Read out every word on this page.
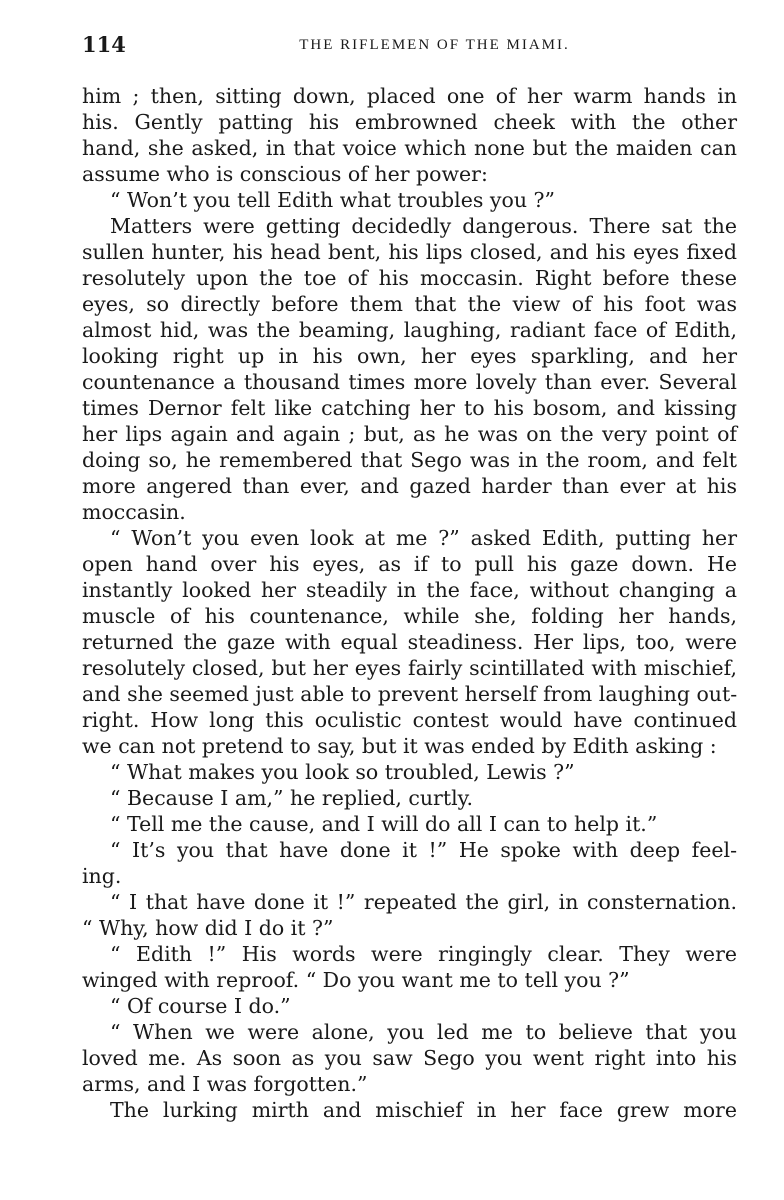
114	THE RIFLEMEN OF THE MIAMI.
him ; then, sitting down, placed one of her warm hands in
his. Gently patting his embrowned cheek with the other
hand, she asked, in that voice which none but the maiden can
assume who is conscious of her power:
“ Won’t you tell Edith what troubles you ?”
Matters were getting decidedly dangerous. There sat the
sullen hunter, his head bent, his lips closed, and his eyes fixed
resolutely upon the toe of his moccasin. Right before these
eyes, so directly before them that the view of his foot was
almost hid, was the beaming, laughing, radiant face of Edith,
looking right up in his own, her eyes sparkling, and her
countenance a thousand times more lovely than ever. Several
times Dernor felt like catching her to his bosom, and kissing
her lips again and again ; but, as he was on the very point of
doing so, he remembered that Sego was in the room, and felt
more angered than ever, and gazed harder than ever at his
moccasin.
“ Won’t you even look at me ?” asked Edith, putting her
open hand over his eyes, as if to pull his gaze down. He
instantly looked her steadily in the face, without changing a
muscle of his countenance, while she, folding her hands,
returned the gaze with equal steadiness. Her lips, too, were
resolutely closed, but her eyes fairly scintillated with mischief,
and she seemed just able to prevent herself from laughing out-
right. How long this oculistic contest would have continued
we can not pretend to say, but it was ended by Edith asking :
“ What makes you look so troubled, Lewis ?”
“ Because I am,” he replied, curtly.
“ Tell me the cause, and I will do all I can to help it.”
“ It’s you that have done it !” He spoke with deep feel-
ing.
“ I that have done it !” repeated the girl, in consternation.
“ Why, how did I do it ?”
“ Edith !” His words were ringingly clear. They were
winged with reproof. “ Do you want me to tell you ?”
“ Of course I do.”
“ When we were alone, you led me to believe that you
loved me. As soon as you saw Sego you went right into his
arms, and I was forgotten.”
The lurking mirth and mischief in her face grew more
